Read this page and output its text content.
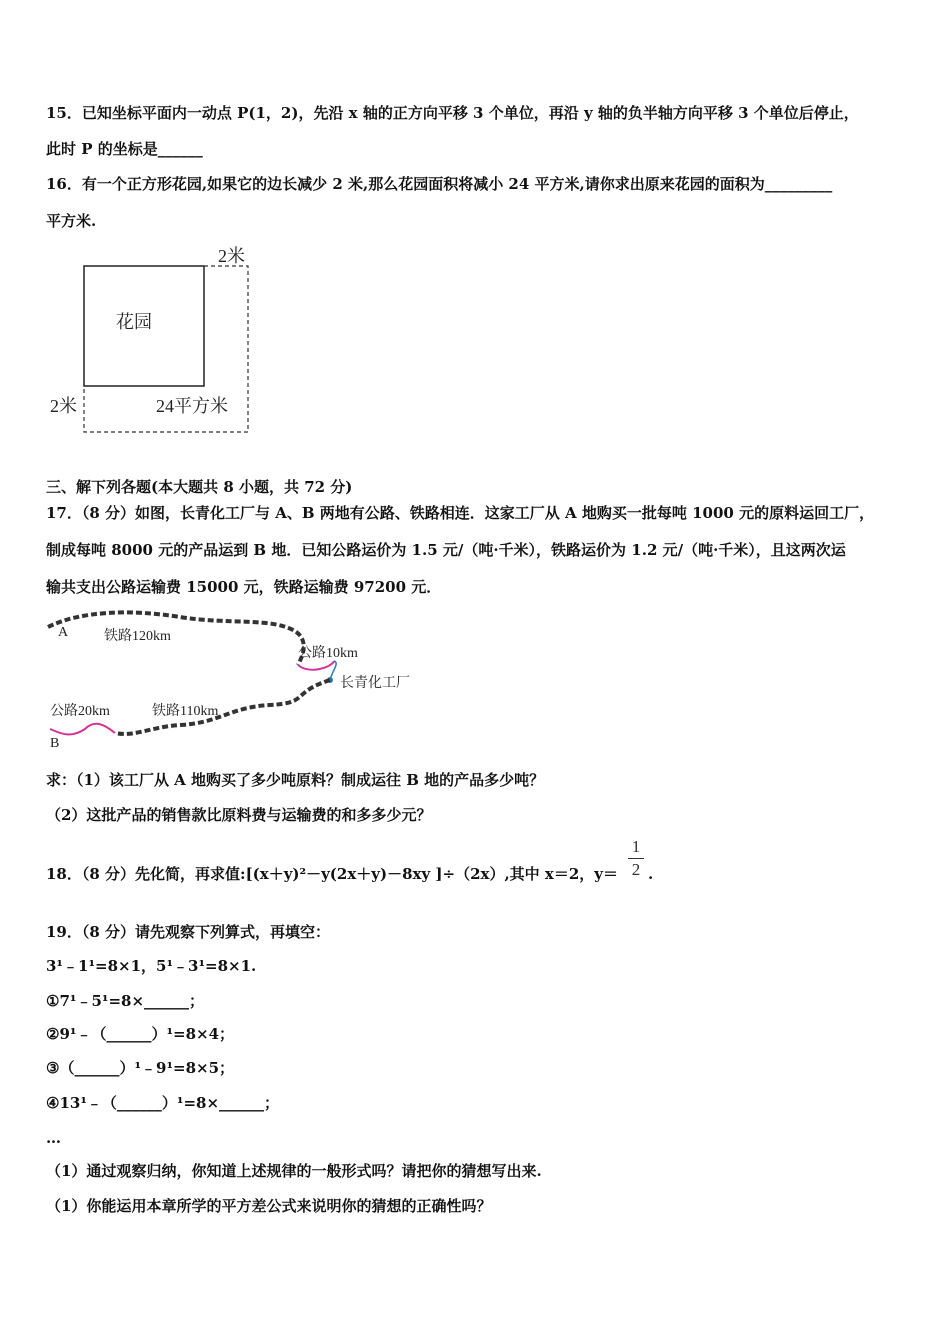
15．已知坐标平面内一动点 P(1，2)，先沿 x 轴的正方向平移 3 个单位，再沿 y 轴的负半轴方向平移 3 个单位后停止，
此时 P 的坐标是______
16．有一个正方形花园,如果它的边长减少 2 米,那么花园面积将减小 24 平方米,请你求出原来花园的面积为_________
平方米.
花园
2米
2米	24平方米
三、解下列各题(本大题共 8 小题，共 72 分)
17．（8 分）如图，长青化工厂与 A、B 两地有公路、铁路相连．这家工厂从 A 地购买一批每吨 1000 元的原料运回工厂，
制成每吨 8000 元的产品运到 B 地．已知公路运价为 1.5 元/（吨·千米），铁路运价为 1.2 元/（吨·千米），且这两次运
输共支出公路运输费 15000 元，铁路运输费 97200 元．
A	铁路120km
公路10km
长青化工厂
公路20km	铁路110km
B
求：（1）该工厂从 A 地购买了多少吨原料？制成运往 B 地的产品多少吨？
（2）这批产品的销售款比原料费与运输费的和多多少元？
18．（8 分）先化简，再求值:[(x＋y)²－y(2x＋y)－8xy ]÷（2x）,其中 x＝2，y＝
1
2 .
19．（8 分）请先观察下列算式，再填空：
3¹﹣1¹=8×1，5¹﹣3¹=8×1.
①7¹﹣5¹=8×______；
②9¹﹣（______）¹=8×4；
③（______）¹﹣9¹=8×5；
④13¹﹣（______）¹=8×______；
…
（1）通过观察归纳，你知道上述规律的一般形式吗？请把你的猜想写出来.
（1）你能运用本章所学的平方差公式来说明你的猜想的正确性吗？
